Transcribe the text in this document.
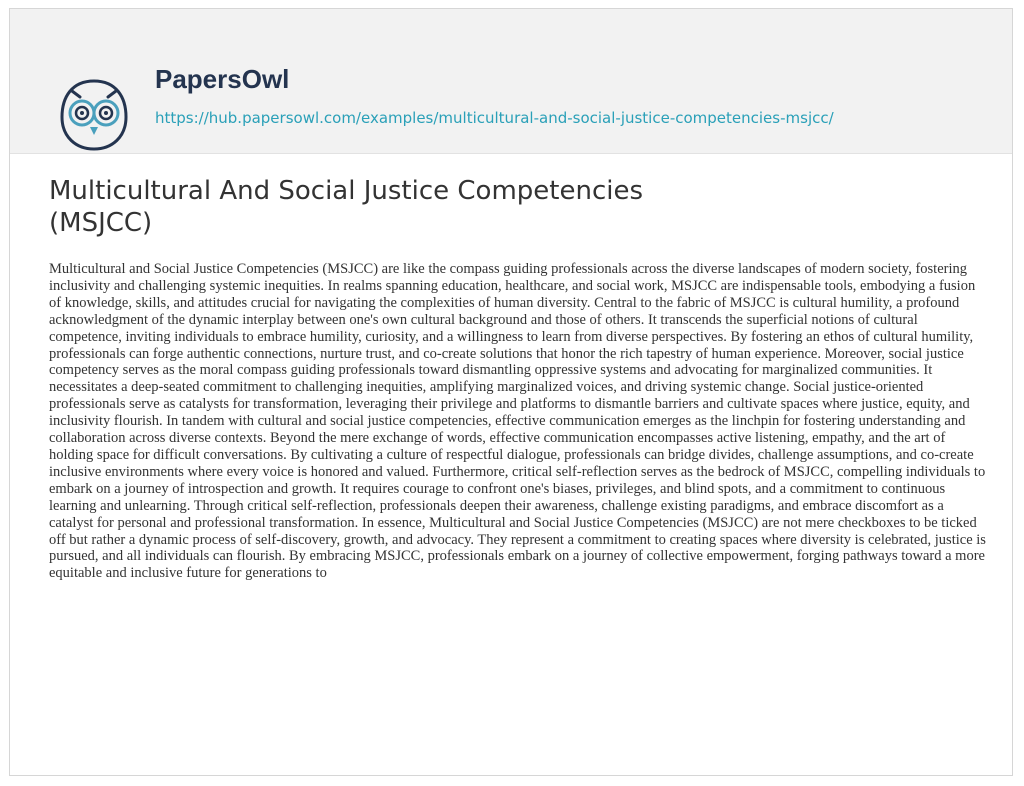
PapersOwl
https://hub.papersowl.com/examples/multicultural-and-social-justice-competencies-msjcc/
Multicultural And Social Justice Competencies (MSJCC)

Multicultural and Social Justice Competencies (MSJCC) are like the compass guiding professionals across the diverse landscapes of modern society, fostering inclusivity and challenging systemic inequities. In realms spanning education, healthcare, and social work, MSJCC are indispensable tools, embodying a fusion of knowledge, skills, and attitudes crucial for navigating the complexities of human diversity. Central to the fabric of MSJCC is cultural humility, a profound acknowledgment of the dynamic interplay between one's own cultural background and those of others. It transcends the superficial notions of cultural competence, inviting individuals to embrace humility, curiosity, and a willingness to learn from diverse perspectives. By fostering an ethos of cultural humility, professionals can forge authentic connections, nurture trust, and co-create solutions that honor the rich tapestry of human experience. Moreover, social justice competency serves as the moral compass guiding professionals toward dismantling oppressive systems and advocating for marginalized communities. It necessitates a deep-seated commitment to challenging inequities, amplifying marginalized voices, and driving systemic change. Social justice-oriented professionals serve as catalysts for transformation, leveraging their privilege and platforms to dismantle barriers and cultivate spaces where justice, equity, and inclusivity flourish. In tandem with cultural and social justice competencies, effective communication emerges as the linchpin for fostering understanding and collaboration across diverse contexts. Beyond the mere exchange of words, effective communication encompasses active listening, empathy, and the art of holding space for difficult conversations. By cultivating a culture of respectful dialogue, professionals can bridge divides, challenge assumptions, and co-create inclusive environments where every voice is honored and valued. Furthermore, critical self-reflection serves as the bedrock of MSJCC, compelling individuals to embark on a journey of introspection and growth. It requires courage to confront one's biases, privileges, and blind spots, and a commitment to continuous learning and unlearning. Through critical self-reflection, professionals deepen their awareness, challenge existing paradigms, and embrace discomfort as a catalyst for personal and professional transformation. In essence, Multicultural and Social Justice Competencies (MSJCC) are not mere checkboxes to be ticked off but rather a dynamic process of self-discovery, growth, and advocacy. They represent a commitment to creating spaces where diversity is celebrated, justice is pursued, and all individuals can flourish. By embracing MSJCC, professionals embark on a journey of collective empowerment, forging pathways toward a more equitable and inclusive future for generations to
